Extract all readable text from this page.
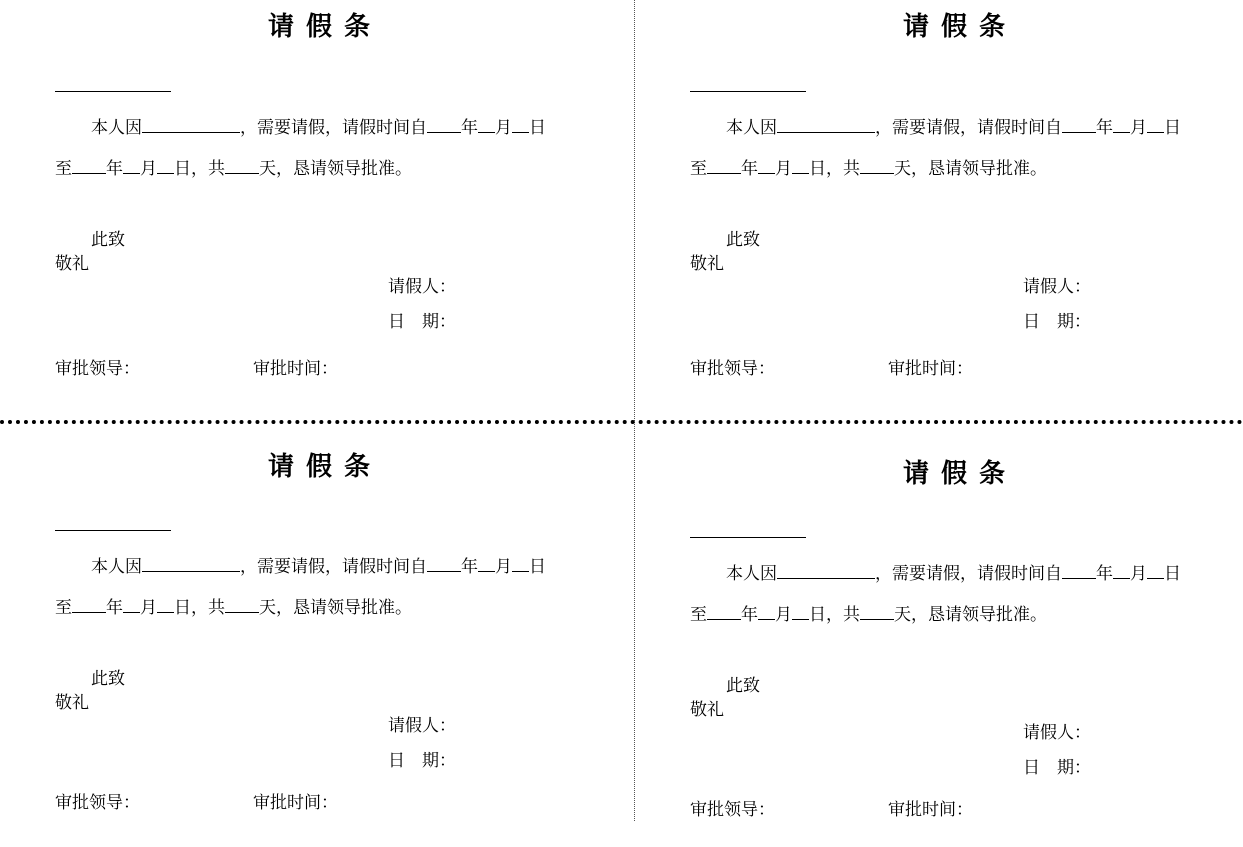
请假条
本人因	，需要请假，请假时间自 年 月 日
至 年 月 日，共 天，恳请领导批准。
此致
敬礼
请假人：
日　期：
审批领导：	审批时间：
请假条
本人因	，需要请假，请假时间自 年 月 日
至 年 月 日，共 天，恳请领导批准。
此致
敬礼
请假人：
日　期：
审批领导：	审批时间：
请假条
本人因	，需要请假，请假时间自 年 月 日
至 年 月 日，共 天，恳请领导批准。
此致
敬礼
请假人：
日　期：
审批领导：	审批时间：
请假条
本人因	，需要请假，请假时间自 年 月 日
至 年 月 日，共 天，恳请领导批准。
此致
敬礼
请假人：
日　期：
审批领导：	审批时间：
